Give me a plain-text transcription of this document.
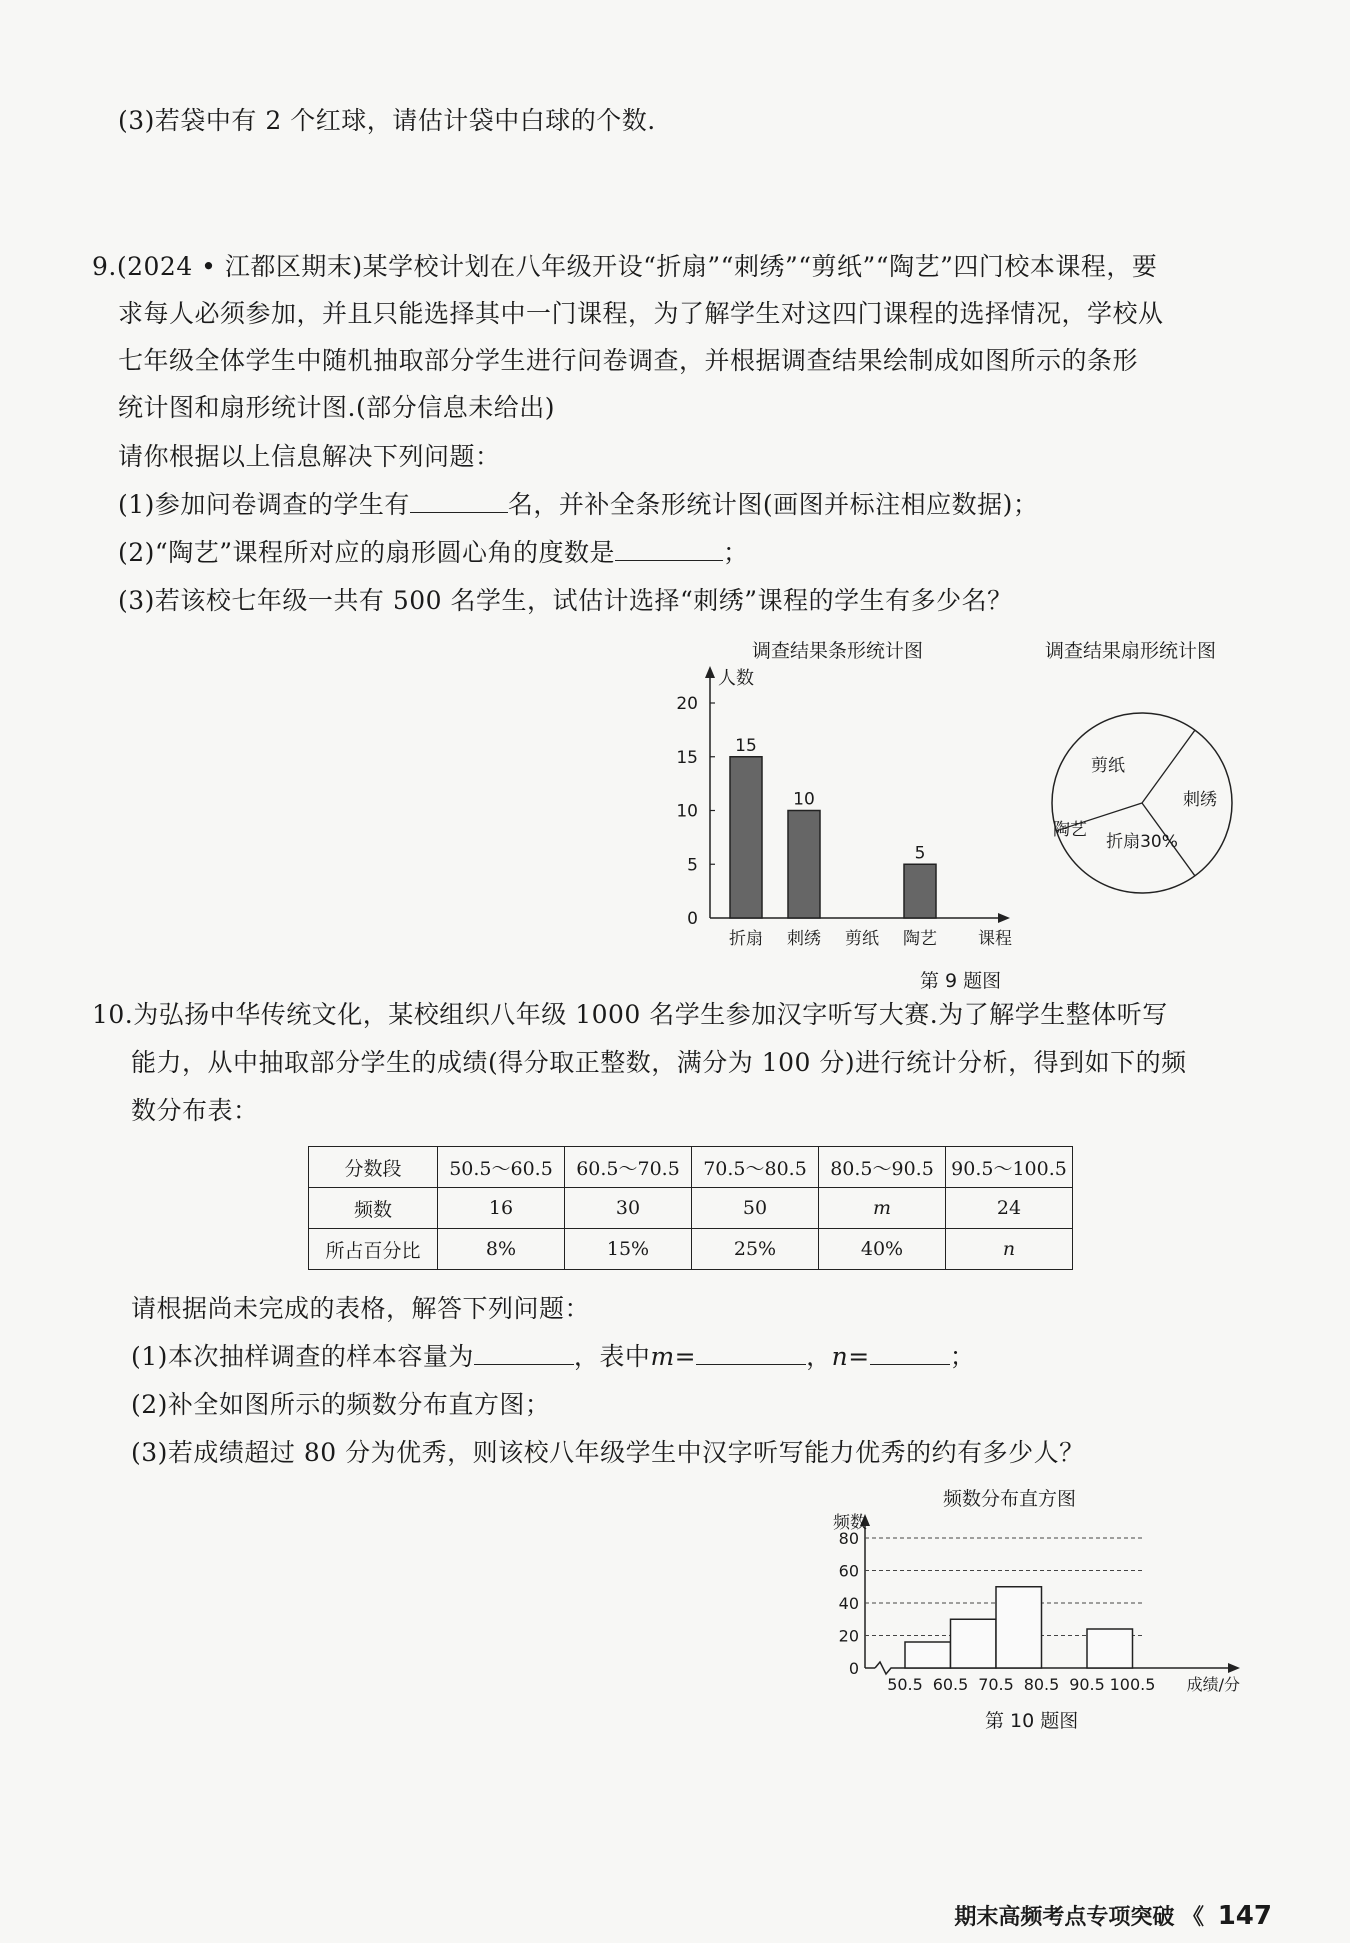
(3)若袋中有 2 个红球，请估计袋中白球的个数.
9.(2024 • 江都区期末)某学校计划在八年级开设“折扇”“刺绣”“剪纸”“陶艺”四门校本课程，要
求每人必须参加，并且只能选择其中一门课程，为了解学生对这四门课程的选择情况，学校从
七年级全体学生中随机抽取部分学生进行问卷调查，并根据调查结果绘制成如图所示的条形
统计图和扇形统计图.(部分信息未给出)
请你根据以上信息解决下列问题：
(1)参加问卷调查的学生有	名，并补全条形统计图(画图并标注相应数据)；
(2)“陶艺”课程所对应的扇形圆心角的度数是	；
(3)若该校七年级一共有 500 名学生，试估计选择“刺绣”课程的学生有多少名？
调查结果条形统计图
人数
0
5
10
15
20
折扇
15
刺绣
10
剪纸 陶艺
5
课程
调查结果扇形统计图
剪纸
刺绣
折扇30%
陶艺
第 9 题图
10.为弘扬中华传统文化，某校组织八年级 1000 名学生参加汉字听写大赛.为了解学生整体听写
能力，从中抽取部分学生的成绩(得分取正整数，满分为 100 分)进行统计分析，得到如下的频
数分布表：
分数段	50.5～60.5	60.5～70.5	70.5～80.5	80.5～90.5	90.5～100.5
频数	16	30	50	m	24
所占百分比	8%	15%	25%	40%	n
请根据尚未完成的表格，解答下列问题：
(1)本次抽样调查的样本容量为	，表中m=	，n=	；
(2)补全如图所示的频数分布直方图；
(3)若成绩超过 80 分为优秀，则该校八年级学生中汉字听写能力优秀的约有多少人？
频数分布直方图
频数
0
20
40
60
80
50.5 60.5 70.5 80.5 90.5 100.5 成绩/分
第 10 题图
期末高频考点专项突破 《 147
